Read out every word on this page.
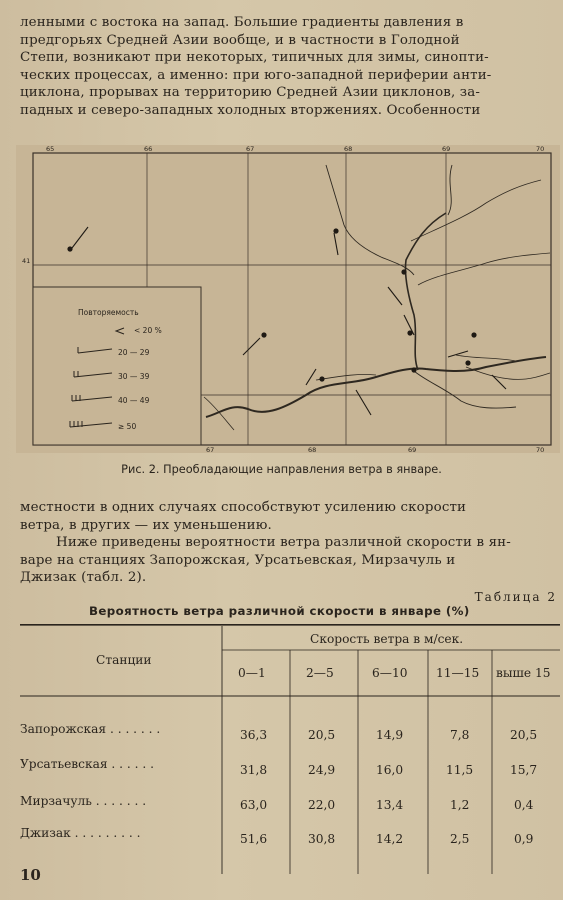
ленными с востока на запад. Большие градиенты давления в
предгорьях Средней Азии вообще, и в частности в Голодной
Степи, возникают при некоторых, типичных для зимы, синопти-
ческих процессах, а именно: при юго-западной периферии анти-
циклона, прорывах на территорию Средней Азии циклонов, за-
падных и северо-западных холодных вторжениях. Особенности
65	66	67	68	69	70
67	68	69	70
41
Повторяемость
< 20 %
20 — 29
30 — 39
40 — 49
≥ 50
Рис. 2. Преобладающие направления ветра в январе.
местности в одних случаях способствуют усилению скорости
ветра, в других — их уменьшению.
Ниже приведены вероятности ветра различной скорости в ян-
варе на станциях Запорожская, Урсатьевская, Мирзачуль и
Джизак (табл. 2).
Таблица 2
Вероятность ветра различной скорости в январе (%)
Станции
Скорость ветра в м/сек.
0—1	2—5	6—10 11—15 выше 15
Запорожская . . . . . . .	36,3	20,5	14,9	7,8	20,5
Урсатьевская . . . . . .	31,8	24,9	16,0	11,5	15,7
Мирзачуль . . . . . . .	63,0	22,0	13,4	1,2	0,4
Джизак . . . . . . . . .	51,6	30,8	14,2	2,5	0,9
10
